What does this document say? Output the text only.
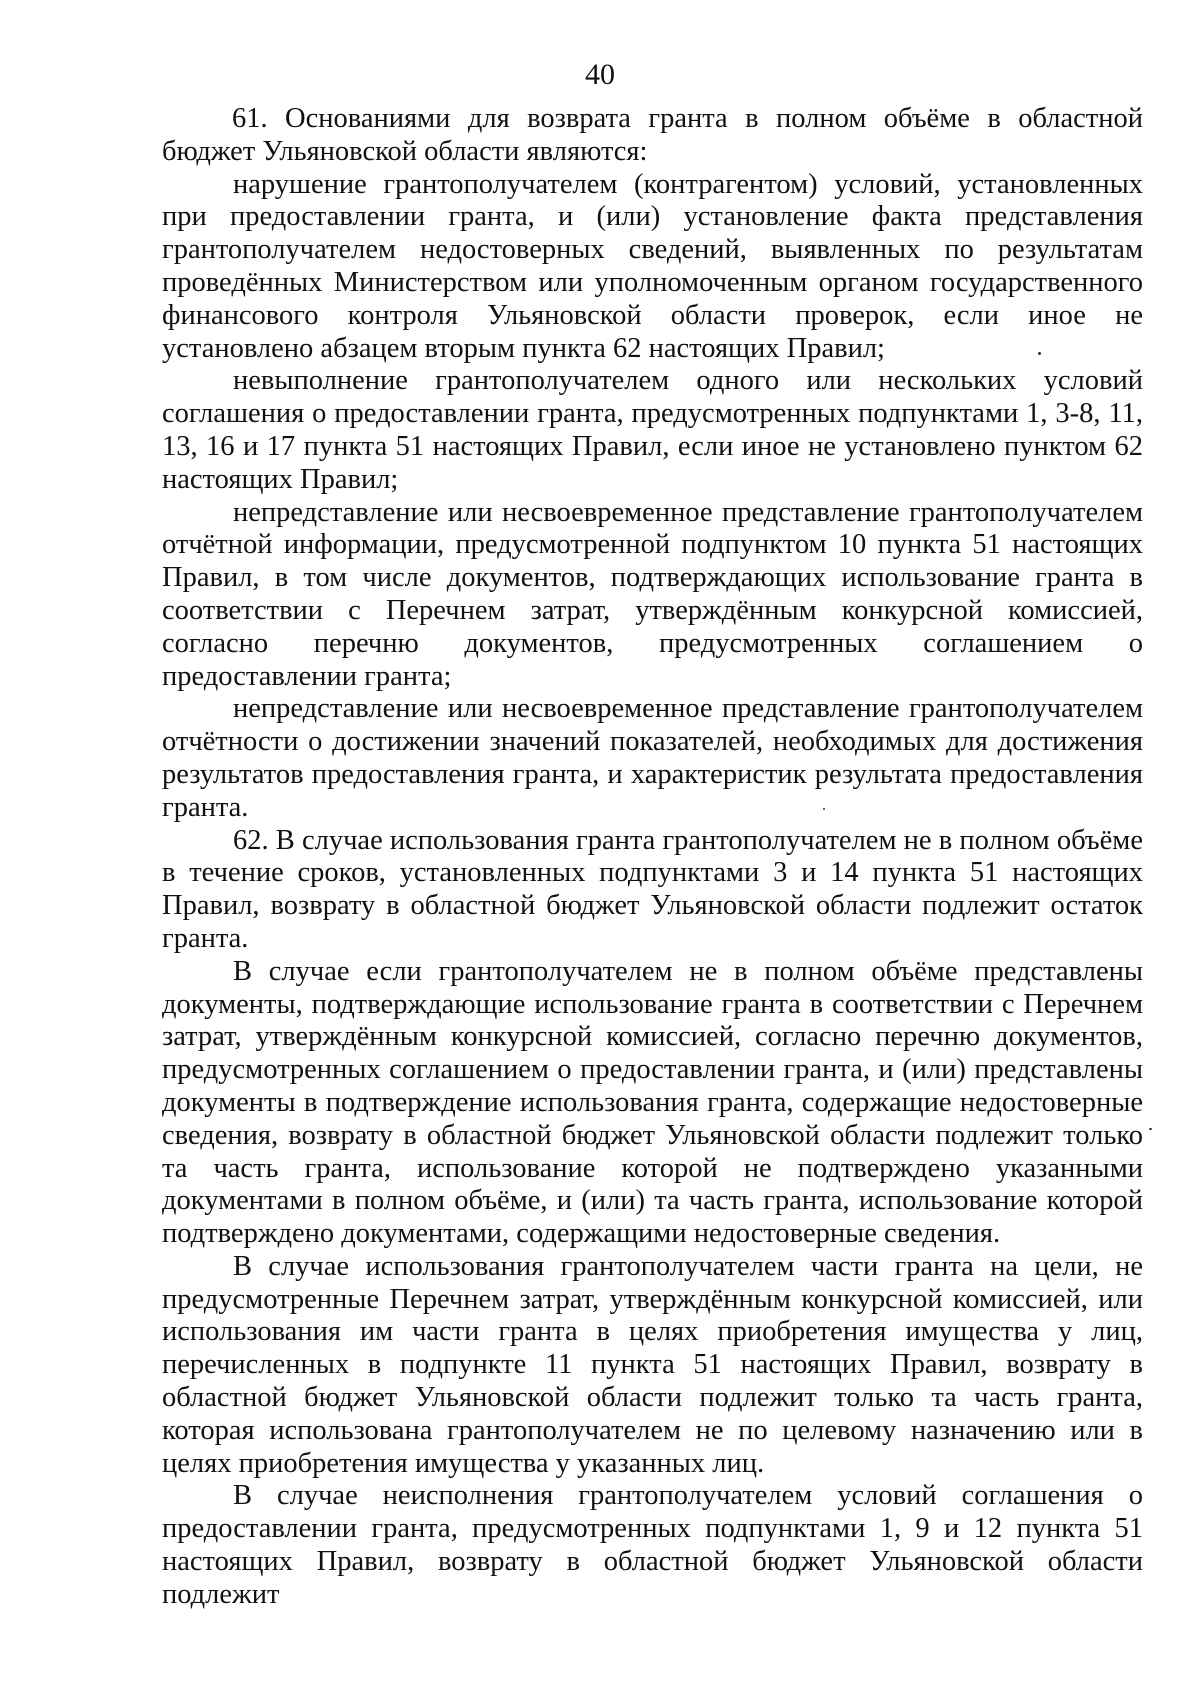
40

61. Основаниями для возврата гранта в полном объёме в областной бюджет Ульяновской области являются:

нарушение грантополучателем (контрагентом) условий, установленных при предоставлении гранта, и (или) установление факта представления грантополучателем недостоверных сведений, выявленных по результатам проведённых Министерством или уполномоченным органом государственного финансового контроля Ульяновской области проверок, если иное не установлено абзацем вторым пункта 62 настоящих Правил;

невыполнение грантополучателем одного или нескольких условий соглашения о предоставлении гранта, предусмотренных подпунктами 1, 3-8, 11, 13, 16 и 17 пункта 51 настоящих Правил, если иное не установлено пунктом 62 настоящих Правил;

непредставление или несвоевременное представление грантополучателем отчётной информации, предусмотренной подпунктом 10 пункта 51 настоящих Правил, в том числе документов, подтверждающих использование гранта в соответствии с Перечнем затрат, утверждённым конкурсной комиссией, согласно перечню документов, предусмотренных соглашением о предоставлении гранта;

непредставление или несвоевременное представление грантополучателем отчётности о достижении значений показателей, необходимых для достижения результатов предоставления гранта, и характеристик результата предоставления гранта.

62. В случае использования гранта грантополучателем не в полном объёме в течение сроков, установленных подпунктами 3 и 14 пункта 51 настоящих Правил, возврату в областной бюджет Ульяновской области подлежит остаток гранта.

В случае если грантополучателем не в полном объёме представлены документы, подтверждающие использование гранта в соответствии с Перечнем затрат, утверждённым конкурсной комиссией, согласно перечню документов, предусмотренных соглашением о предоставлении гранта, и (или) представлены документы в подтверждение использования гранта, содержащие недостоверные сведения, возврату в областной бюджет Ульяновской области подлежит только та часть гранта, использование которой не подтверждено указанными документами в полном объёме, и (или) та часть гранта, использование которой подтверждено документами, содержащими недостоверные сведения.

В случае использования грантополучателем части гранта на цели, не предусмотренные Перечнем затрат, утверждённым конкурсной комиссией, или использования им части гранта в целях приобретения имущества у лиц, перечисленных в подпункте 11 пункта 51 настоящих Правил, возврату в областной бюджет Ульяновской области подлежит только та часть гранта, которая использована грантополучателем не по целевому назначению или в целях приобретения имущества у указанных лиц.

В случае неисполнения грантополучателем условий соглашения о предоставлении гранта, предусмотренных подпунктами 1, 9 и 12 пункта 51 настоящих Правил, возврату в областной бюджет Ульяновской области подлежит
